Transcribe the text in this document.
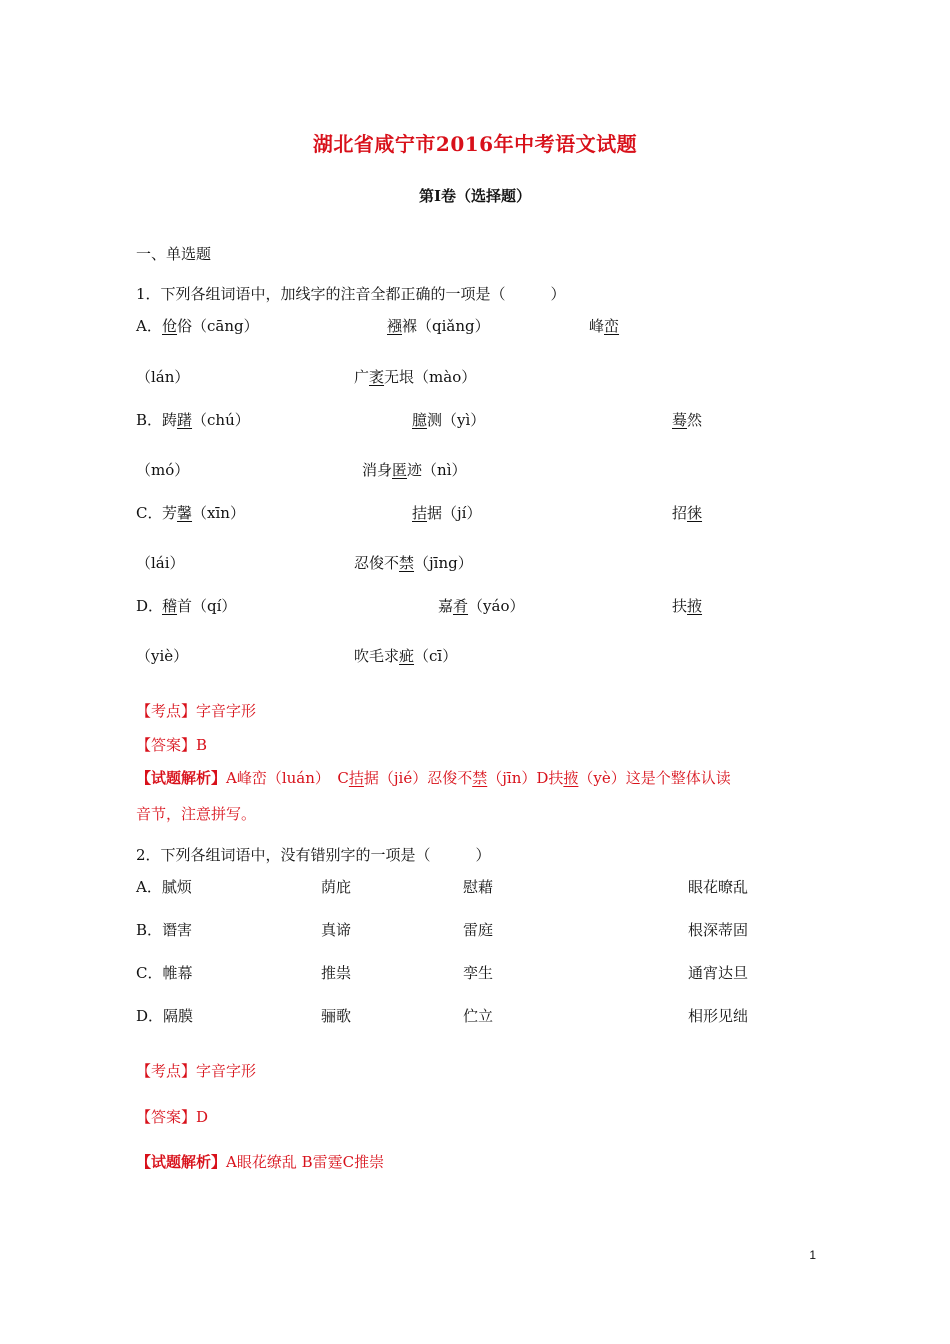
湖北省咸宁市2016年中考语文试题
第Ⅰ卷（选择题）
一、单选题
1．下列各组词语中，加线字的注音全都正确的一项是（　　　）
A． 伧俗（cāng）	襁褓（qiǎng）	峰峦
（lán）	广袤无垠（mào）
B． 踌躇（chú）	臆测（yì）	蓦然
（mó）	消身匿迹（nì）
C． 芳馨（xīn）	拮据（jí）	招徕
（lái）	忍俊不禁（jīng）
D．
稽首（qí）	嘉肴（yáo）	扶掖
（yiè）	吹毛求疵（cī）
【考点】字音字形
【答案】B
【试题解析】A峰峦（luán）　C拮据（jié）忍俊不禁（jīn）D扶掖（yè）这是个整体认读
音节，注意拼写。
2．下列各组词语中，没有错别字的一项是（　　　）
A．腻烦	荫庇	慰藉	眼花暸乱
B．谮害	真谛	雷庭	根深蒂固
C．帷幕	推祟	孪生	通宵达旦
D．隔膜	骊歌	伫立	相形见绌
【考点】字音字形
【答案】D
【试题解析】A眼花缭乱 B雷霆C推崇
1
